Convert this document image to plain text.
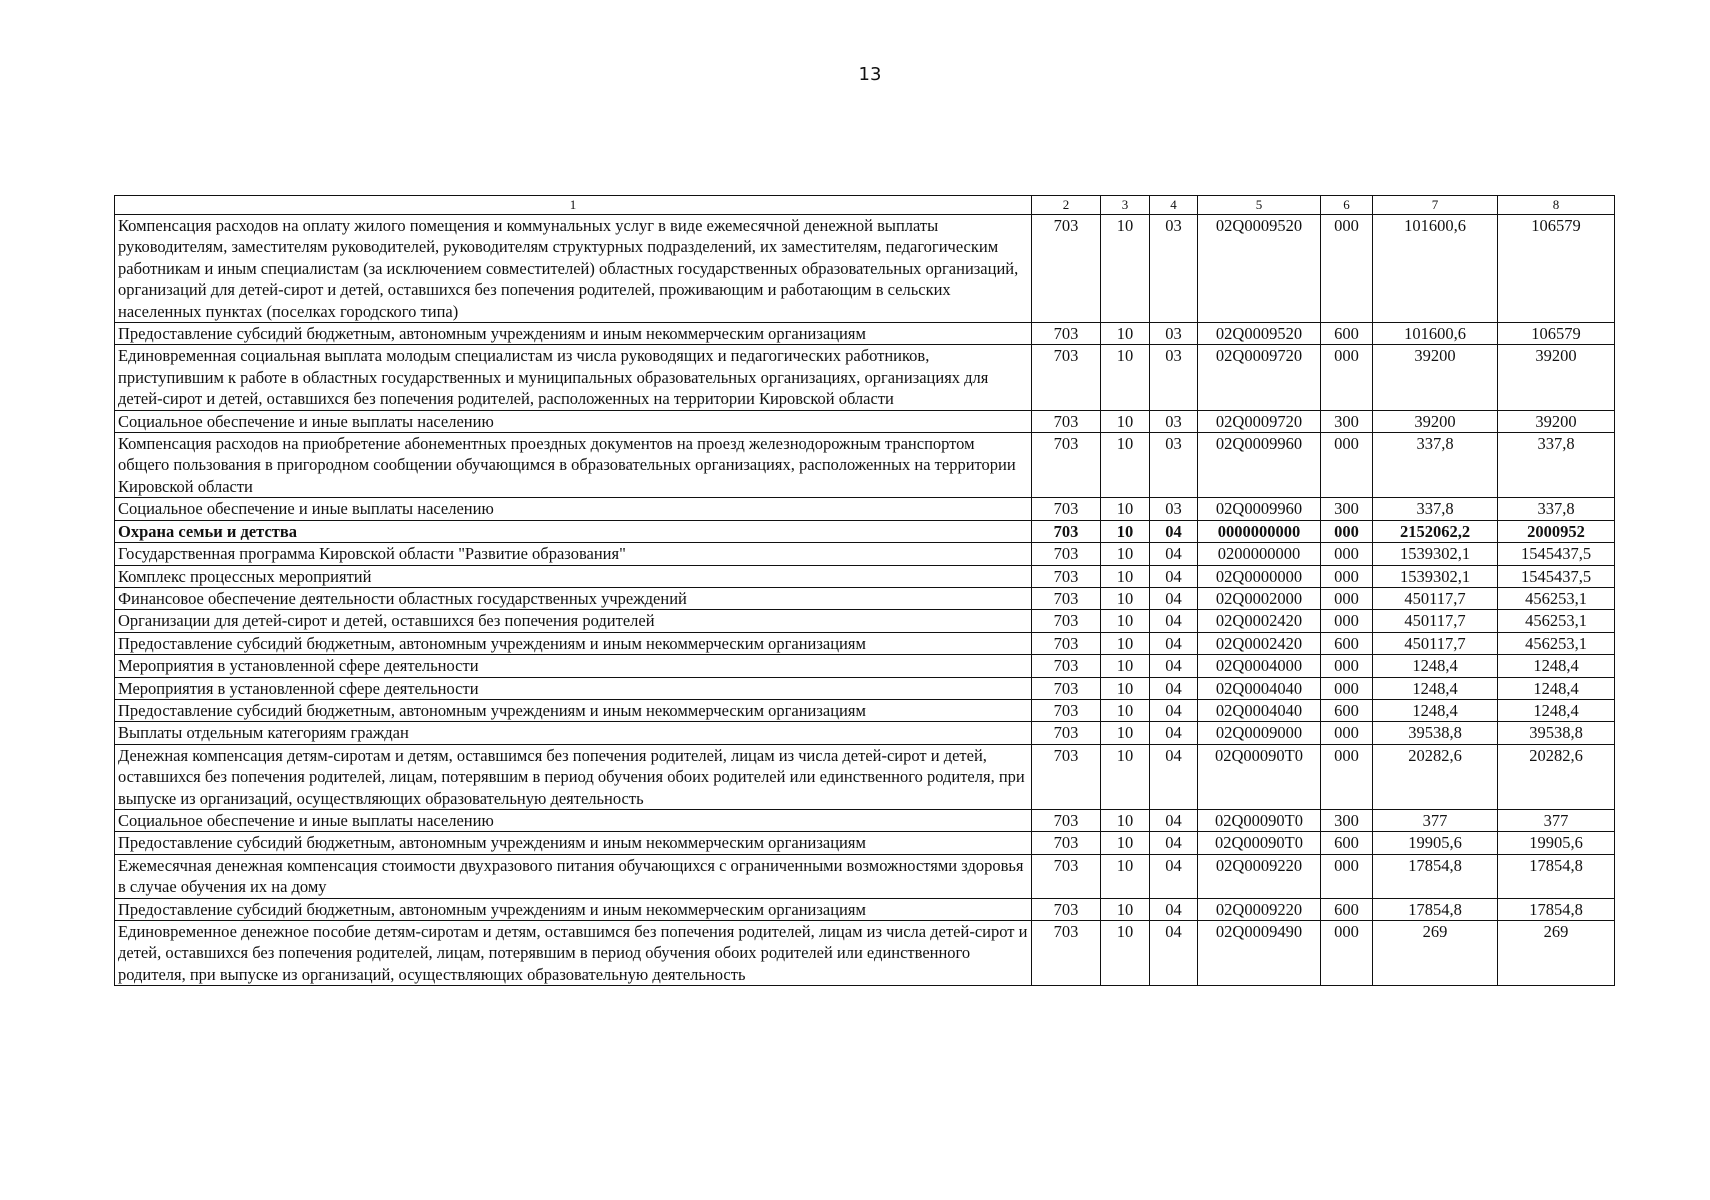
13
1	2	3	4	5	6	7	8
Компенсация расходов на оплату жилого помещения и коммунальных услуг в виде ежемесячной денежной выплаты руководителям, заместителям руководителей, руководителям структурных подразделений, их заместителям, педагогическим работникам и иным специалистам (за исключением совместителей) областных государственных образовательных организаций, организаций для детей-сирот и детей, оставшихся без попечения родителей, проживающим и работающим в сельских населенных пунктах (поселках городского типа)	703	10	03	02Q0009520	000	101600,6	106579
Предоставление субсидий бюджетным, автономным учреждениям и иным некоммерческим организациям	703	10	03	02Q0009520	600	101600,6	106579
Единовременная социальная выплата молодым специалистам из числа руководящих и педагогических работников, приступившим к работе в областных государственных и муниципальных образовательных организациях, организациях для детей-сирот и детей, оставшихся без попечения родителей, расположенных на территории Кировской области	703	10	03	02Q0009720	000	39200	39200
Социальное обеспечение и иные выплаты населению	703	10	03	02Q0009720	300	39200	39200
Компенсация расходов на приобретение абонементных проездных документов на проезд железнодорожным транспортом общего пользования в пригородном сообщении обучающимся в образовательных организациях, расположенных на территории Кировской области	703	10	03	02Q0009960	000	337,8	337,8
Социальное обеспечение и иные выплаты населению	703	10	03	02Q0009960	300	337,8	337,8
Охрана семьи и детства	703	10	04	0000000000	000	2152062,2	2000952
Государственная программа Кировской области "Развитие образования"	703	10	04	0200000000	000	1539302,1	1545437,5
Комплекс процессных мероприятий	703	10	04	02Q0000000	000	1539302,1	1545437,5
Финансовое обеспечение деятельности областных государственных учреждений	703	10	04	02Q0002000	000	450117,7	456253,1
Организации для детей-сирот и детей, оставшихся без попечения родителей	703	10	04	02Q0002420	000	450117,7	456253,1
Предоставление субсидий бюджетным, автономным учреждениям и иным некоммерческим организациям	703	10	04	02Q0002420	600	450117,7	456253,1
Мероприятия в установленной сфере деятельности	703	10	04	02Q0004000	000	1248,4	1248,4
Мероприятия в установленной сфере деятельности	703	10	04	02Q0004040	000	1248,4	1248,4
Предоставление субсидий бюджетным, автономным учреждениям и иным некоммерческим организациям	703	10	04	02Q0004040	600	1248,4	1248,4
Выплаты отдельным категориям граждан	703	10	04	02Q0009000	000	39538,8	39538,8
Денежная компенсация детям-сиротам и детям, оставшимся без попечения родителей, лицам из числа детей-сирот и детей, оставшихся без попечения родителей, лицам, потерявшим в период обучения обоих родителей или единственного родителя, при выпуске из организаций, осуществляющих образовательную деятельность	703	10	04	02Q00090T0	000	20282,6	20282,6
Социальное обеспечение и иные выплаты населению	703	10	04	02Q00090T0	300	377	377
Предоставление субсидий бюджетным, автономным учреждениям и иным некоммерческим организациям	703	10	04	02Q00090T0	600	19905,6	19905,6
Ежемесячная денежная компенсация стоимости двухразового питания обучающихся с ограниченными возможностями здоровья в случае обучения их на дому	703	10	04	02Q0009220	000	17854,8	17854,8
Предоставление субсидий бюджетным, автономным учреждениям и иным некоммерческим организациям	703	10	04	02Q0009220	600	17854,8	17854,8
Единовременное денежное пособие детям-сиротам и детям, оставшимся без попечения родителей, лицам из числа детей-сирот и детей, оставшихся без попечения родителей, лицам, потерявшим в период обучения обоих родителей или единственного родителя, при выпуске из организаций, осуществляющих образовательную деятельность	703	10	04	02Q0009490	000	269	269
